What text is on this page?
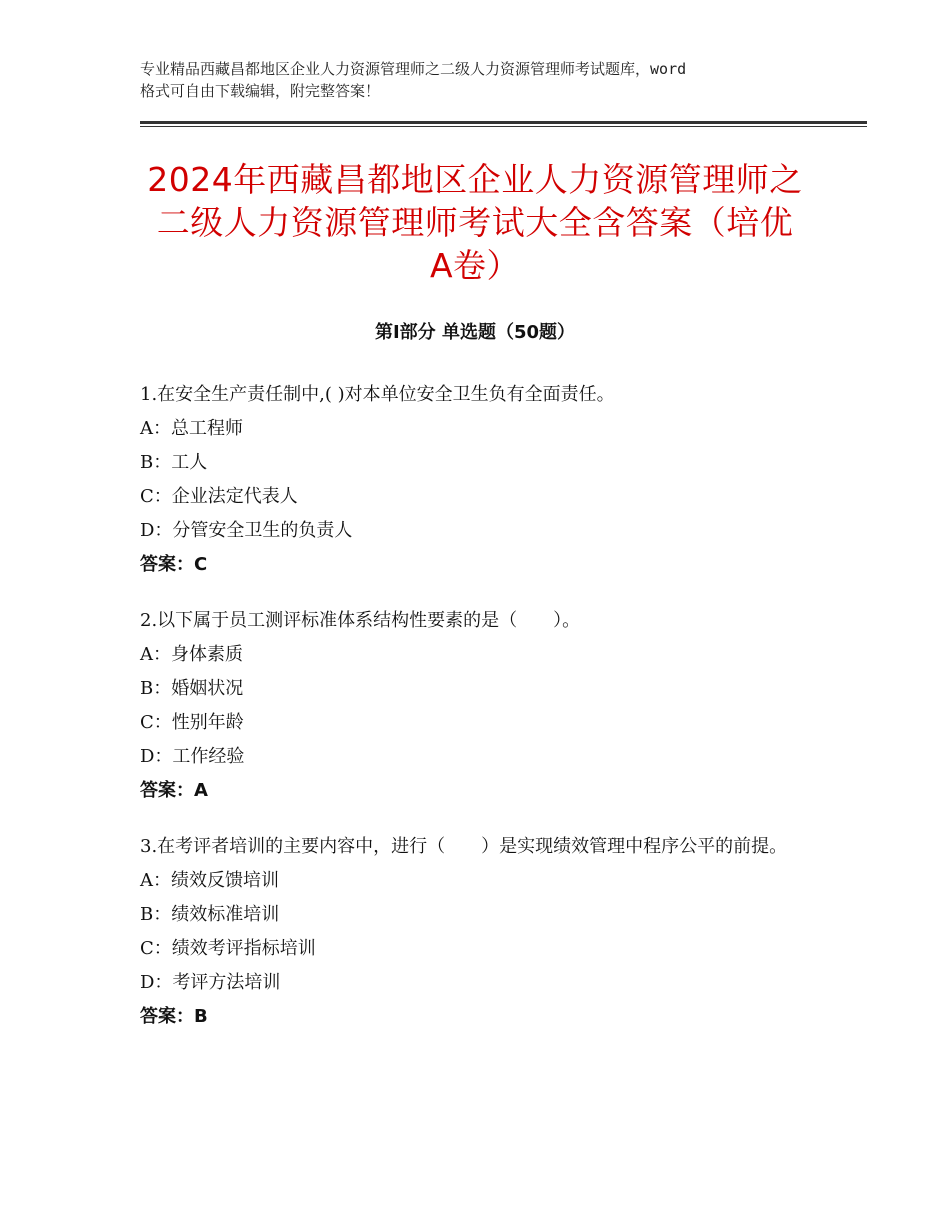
专业精品西藏昌都地区企业人力资源管理师之二级人力资源管理师考试题库，word
格式可自由下载编辑，附完整答案！
2024年西藏昌都地区企业人力资源管理师之
二级人力资源管理师考试大全含答案（培优
A卷）
第Ⅰ部分 单选题（50题）
1.在安全生产责任制中,( )对本单位安全卫生负有全面责任。
A：总工程师
B：工人
C：企业法定代表人
D：分管安全卫生的负责人
答案：C
2.以下属于员工测评标准体系结构性要素的是（　　）。
A：身体素质
B：婚姻状况
C：性别年龄
D：工作经验
答案：A
3.在考评者培训的主要内容中，进行（　　）是实现绩效管理中程序公平的前提。
A：绩效反馈培训
B：绩效标准培训
C：绩效考评指标培训
D：考评方法培训
答案：B
